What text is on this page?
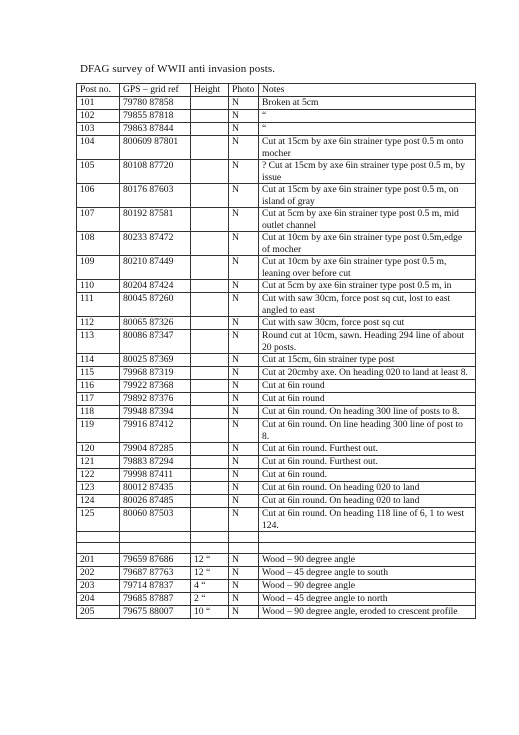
DFAG survey of WWII anti invasion posts.
Post no.	GPS – grid ref	Height	Photo	Notes
101	79780 87858		N	Broken at 5cm
102	79855 87818		N	“
103	79863 87844		N	“
104	800609 87801		N	Cut at 15cm by axe 6in strainer type post 0.5 m onto mocher
105	80108 87720		N	? Cut at 15cm by axe 6in strainer type post 0.5 m, by issue
106	80176 87603		N	Cut at 15cm by axe 6in strainer type post 0.5 m, on island of gray
107	80192 87581		N	Cut at 5cm by axe 6in strainer type post 0.5 m, mid outlet channel
108	80233 87472		N	Cut at 10cm by axe 6in strainer type post 0.5m,edge of mocher
109	80210 87449		N	Cut at 10cm by axe 6in strainer type post 0.5 m, leaning over before cut
110	80204 87424		N	Cut at 5cm by axe 6in strainer type post 0.5 m, in
111	80045 87260		N	Cut with saw 30cm, force post sq cut, lost to east angled to east
112	80065 87326		N	Cut with saw 30cm, force post sq cut
113	80086 87347		N	Round cut at 10cm, sawn. Heading 294 line of about 20 posts.
114	80025 87369		N	Cut at 15cm, 6in strainer type post
115	79968 87319		N	Cut at 20cmby axe. On heading 020 to land at least 8.
116	79922 87368		N	Cut at 6in round
117	79892 87376		N	Cut at 6in round
118	79948 87394		N	Cut at 6in round. On heading 300 line of posts to 8.
119	79916 87412		N	Cut at 6in round. On line heading 300 line of post to 8.
120	79904 87285		N	Cut at 6in round. Furthest out.
121	79883 87294		N	Cut at 6in round. Furthest out.
122	79998 87411		N	Cut at 6in round.
123	80012 87435		N	Cut at 6in round. On heading 020 to land
124	80026 87485		N	Cut at 6in round. On heading 020 to land
125	80060 87503		N	Cut at 6in round. On heading 118 line of 6, 1 to west 124.

201	79659 87686	12 “	N	Wood – 90 degree angle
202	79687 87763	12 “	N	Wood – 45 degree angle to south
203	79714 87837	4 “	N	Wood – 90 degree angle
204	79685 87887	2 “	N	Wood – 45 degree angle to north
205	79675 88007	10 “	N	Wood – 90 degree angle, eroded to crescent profile
